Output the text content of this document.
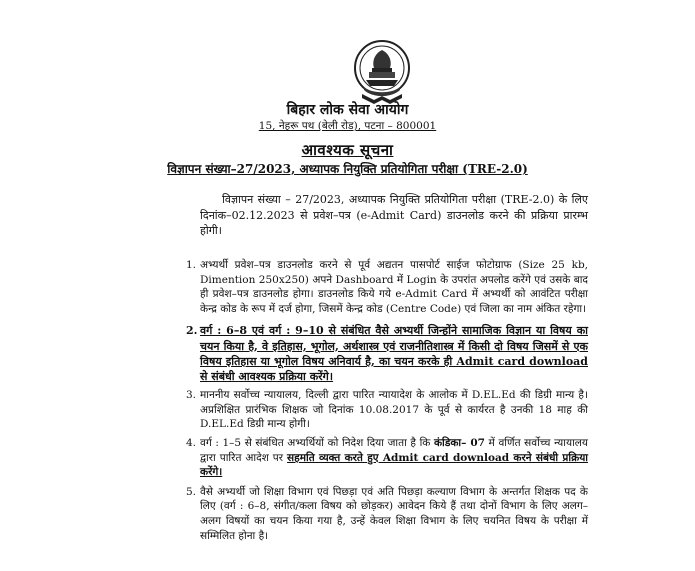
बिहार लोक सेवा आयोग
15, नेहरू पथ (बेली रोड), पटना – 800001
आवश्यक सूचना
विज्ञापन संख्या–27/2023, अध्यापक नियुक्ति प्रतियोगिता परीक्षा (TRE-2.0)
विज्ञापन संख्या – 27/2023, अध्यापक नियुक्ति प्रतियोगिता परीक्षा (TRE-2.0) के लिए दिनांक–02.12.2023 से प्रवेश–पत्र (e-Admit Card) डाउनलोड करने की प्रक्रिया प्रारम्भ होगी।
1. अभ्यर्थी प्रवेश–पत्र डाउनलोड करने से पूर्व अद्यतन पासपोर्ट साईज फोटोग्राफ (Size 25 kb, Dimention 250x250) अपने Dashboard में Login के उपरांत अपलोड करेंगे एवं उसके बाद ही प्रवेश–पत्र डाउनलोड होगा। डाउनलोड किये गये e-Admit Card में अभ्यर्थी को आवंटित परीक्षा केन्द्र कोड के रूप में दर्ज होगा, जिसमें केन्द्र कोड (Centre Code) एवं जिला का नाम अंकित रहेगा।
2. वर्ग : 6–8 एवं वर्ग : 9–10 से संबंधित वैसे अभ्यर्थी जिन्होंने सामाजिक विज्ञान या विषय का चयन किया है, वे इतिहास, भूगोल, अर्थशास्त्र एवं राजनीतिशास्त्र में किसी दो विषय जिसमें से एक विषय इतिहास या भूगोल विषय अनिवार्य है, का चयन करके ही Admit card download से संबंधी आवश्यक प्रक्रिया करेंगे।
3. माननीय सर्वोच्च न्यायालय, दिल्ली द्वारा पारित न्यायादेश के आलोक में D.EL.Ed की डिग्री मान्य है। अप्रशिक्षित प्रारंभिक शिक्षक जो दिनांक 10.08.2017 के पूर्व से कार्यरत है उनकी 18 माह की D.EL.Ed डिग्री मान्य होगी।
4. वर्ग : 1–5 से संबंधित अभ्यर्थियों को निदेश दिया जाता है कि कंडिका– 07 में वर्णित सर्वोच्च न्यायालय द्वारा पारित आदेश पर सहमति व्यक्त करते हुए Admit card download करने संबंधी प्रक्रिया करेंगे।
5. वैसे अभ्यर्थी जो शिक्षा विभाग एवं पिछड़ा एवं अति पिछड़ा कल्याण विभाग के अन्तर्गत शिक्षक पद के लिए (वर्ग : 6–8, संगीत/कला विषय को छोड़कर) आवेदन किये हैं तथा दोनों विभाग के लिए अलग–अलग विषयों का चयन किया गया है, उन्हें केवल शिक्षा विभाग के लिए चयनित विषय के परीक्षा में सम्मिलित होना है।
